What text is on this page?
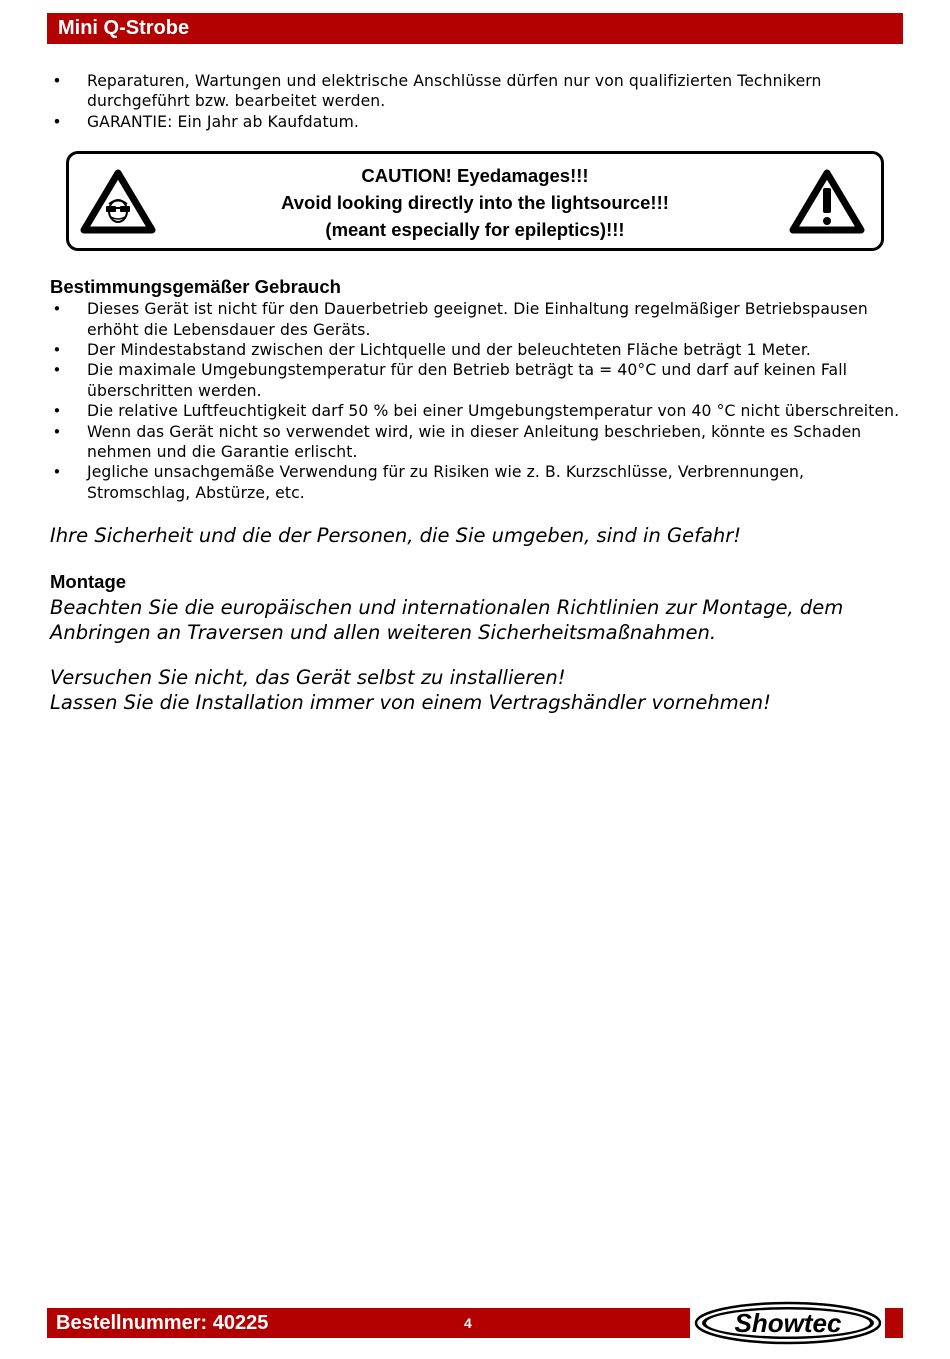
Mini Q-Strobe
• Reparaturen, Wartungen und elektrische Anschlüsse dürfen nur von qualifizierten Technikern durchgeführt bzw. bearbeitet werden.
• GARANTIE: Ein Jahr ab Kaufdatum.
CAUTION! Eyedamages!!!
Avoid looking directly into the lightsource!!!
(meant especially for epileptics)!!!
Bestimmungsgemäßer Gebrauch
• Dieses Gerät ist nicht für den Dauerbetrieb geeignet. Die Einhaltung regelmäßiger Betriebspausen erhöht die Lebensdauer des Geräts.
• Der Mindestabstand zwischen der Lichtquelle und der beleuchteten Fläche beträgt 1 Meter.
• Die maximale Umgebungstemperatur für den Betrieb beträgt ta = 40°C und darf auf keinen Fall überschritten werden.
• Die relative Luftfeuchtigkeit darf 50 % bei einer Umgebungstemperatur von 40 °C nicht überschreiten.
• Wenn das Gerät nicht so verwendet wird, wie in dieser Anleitung beschrieben, könnte es Schaden nehmen und die Garantie erlischt.
• Jegliche unsachgemäße Verwendung für zu Risiken wie z. B. Kurzschlüsse, Verbrennungen, Stromschlag, Abstürze, etc.

Ihre Sicherheit und die der Personen, die Sie umgeben, sind in Gefahr!

Montage

Beachten Sie die europäischen und internationalen Richtlinien zur Montage, dem

Anbringen an Traversen und allen weiteren Sicherheitsmaßnahmen.

Versuchen Sie nicht, das Gerät selbst zu installieren!

Lassen Sie die Installation immer von einem Vertragshändler vornehmen!

Bestellnummer: 40225	4	Showtec
